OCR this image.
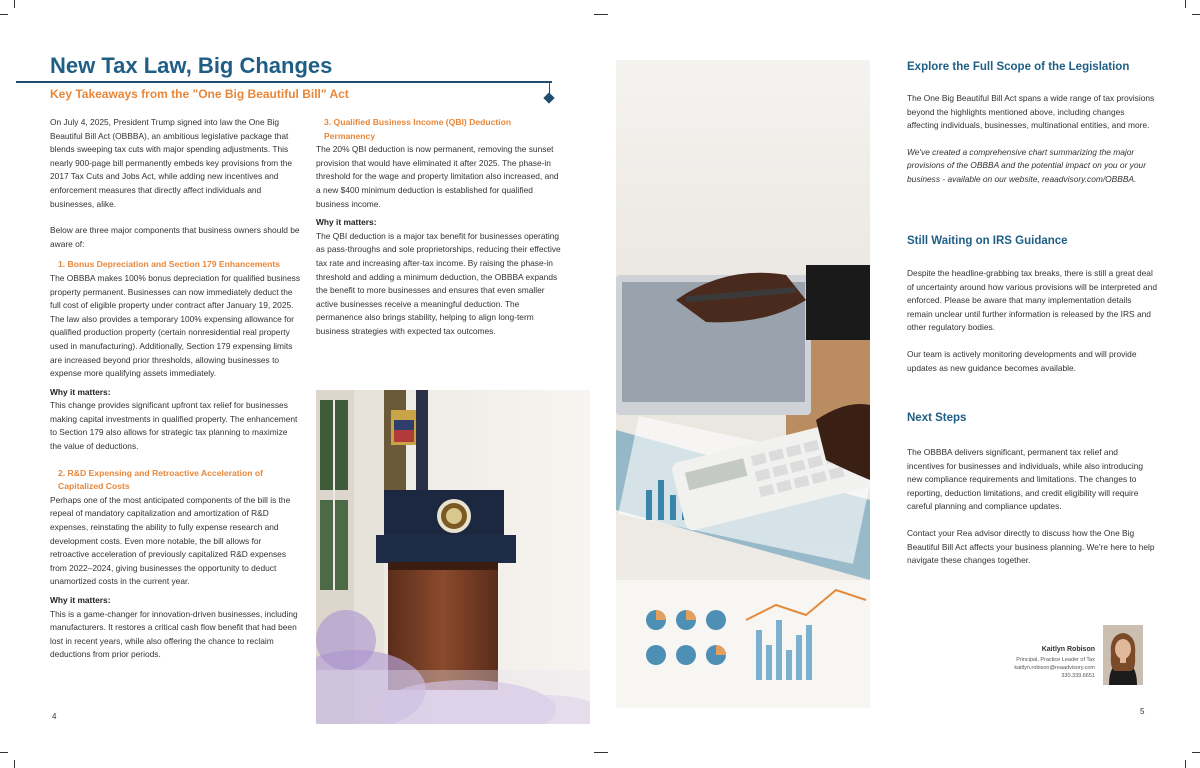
New Tax Law, Big Changes
Key Takeaways from the "One Big Beautiful Bill" Act

On July 4, 2025, President Trump signed into law the One Big Beautiful Bill Act (OBBBA), an ambitious legislative package that blends sweeping tax cuts with major spending adjustments. This nearly 900-page bill permanently embeds key provisions from the 2017 Tax Cuts and Jobs Act, while adding new incentives and enforcement measures that directly affect individuals and businesses, alike.

Below are three major components that business owners should be aware of:

1. Bonus Depreciation and Section 179 Enhancements

The OBBBA makes 100% bonus depreciation for qualified business property permanent. Businesses can now immediately deduct the full cost of eligible property under contract after January 19, 2025. The law also provides a temporary 100% expensing allowance for qualified production property (certain nonresidential real property used in manufacturing). Additionally, Section 179 expensing limits are increased beyond prior thresholds, allowing businesses to expense more qualifying assets immediately.

Why it matters:

This change provides significant upfront tax relief for businesses making capital investments in qualified property. The enhancement to Section 179 also allows for strategic tax planning to maximize the value of deductions.

2. R&D Expensing and Retroactive Acceleration of Capitalized Costs

Perhaps one of the most anticipated components of the bill is the repeal of mandatory capitalization and amortization of R&D expenses, reinstating the ability to fully expense research and development costs. Even more notable, the bill allows for retroactive acceleration of previously capitalized R&D expenses from 2022–2024, giving businesses the opportunity to deduct unamortized costs in the current year.

Why it matters:

This is a game-changer for innovation-driven businesses, including manufacturers. It restores a critical cash flow benefit that had been lost in recent years, while also offering the chance to reclaim deductions from prior periods.

3. Qualified Business Income (QBI) Deduction Permanency

The 20% QBI deduction is now permanent, removing the sunset provision that would have eliminated it after 2025. The phase-in threshold for the wage and property limitation also increased, and a new $400 minimum deduction is established for qualified business income.

Why it matters:

The QBI deduction is a major tax benefit for businesses operating as pass-throughs and sole proprietorships, reducing their effective tax rate and increasing after-tax income. By raising the phase-in threshold and adding a minimum deduction, the OBBBA expands the benefit to more businesses and ensures that even smaller active businesses receive a meaningful deduction. The permanence also brings stability, helping to align long-term business strategies with expected tax outcomes.

4
Explore the Full Scope of the Legislation

The One Big Beautiful Bill Act spans a wide range of tax provisions beyond the highlights mentioned above, including changes affecting individuals, businesses, multinational entities, and more.

We've created a comprehensive chart summarizing the major provisions of the OBBBA and the potential impact on you or your business - available on our website, reaadvisory.com/OBBBA.

Still Waiting on IRS Guidance

Despite the headline-grabbing tax breaks, there is still a great deal of uncertainty around how various provisions will be interpreted and enforced. Please be aware that many implementation details remain unclear until further information is released by the IRS and other regulatory bodies.

Our team is actively monitoring developments and will provide updates as new guidance becomes available.

Next Steps

The OBBBA delivers significant, permanent tax relief and incentives for businesses and individuals, while also introducing new compliance requirements and limitations. The changes to reporting, deduction limitations, and credit eligibility will require careful planning and compliance updates.

Contact your Rea advisor directly to discuss how the One Big Beautiful Bill Act affects your business planning. We're here to help navigate these changes together.

Kaitlyn Robison
Principal, Practice Leader of Tax
kaitlyn.robison@reaadvisory.com
330.339.6651
5
